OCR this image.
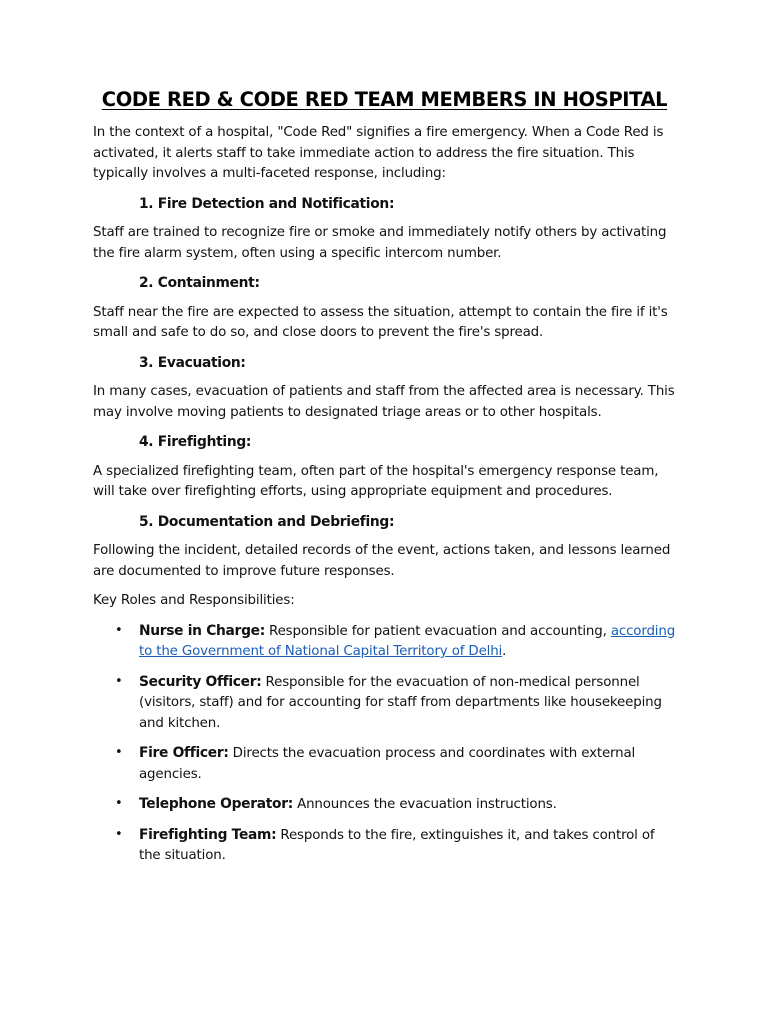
CODE RED & CODE RED TEAM MEMBERS IN HOSPITAL

In the context of a hospital, "Code Red" signifies a fire emergency. When a Code Red is activated, it alerts staff to take immediate action to address the fire situation. This typically involves a multi-faceted response, including:

1. Fire Detection and Notification:

Staff are trained to recognize fire or smoke and immediately notify others by activating the fire alarm system, often using a specific intercom number.

2. Containment:

Staff near the fire are expected to assess the situation, attempt to contain the fire if it's small and safe to do so, and close doors to prevent the fire's spread.

3. Evacuation:

In many cases, evacuation of patients and staff from the affected area is necessary. This may involve moving patients to designated triage areas or to other hospitals.

4. Firefighting:

A specialized firefighting team, often part of the hospital's emergency response team, will take over firefighting efforts, using appropriate equipment and procedures.

5. Documentation and Debriefing:

Following the incident, detailed records of the event, actions taken, and lessons learned are documented to improve future responses.

Key Roles and Responsibilities:

• Nurse in Charge: Responsible for patient evacuation and accounting, according to the Government of National Capital Territory of Delhi.
• Security Officer: Responsible for the evacuation of non-medical personnel (visitors, staff) and for accounting for staff from departments like housekeeping and kitchen.
• Fire Officer: Directs the evacuation process and coordinates with external agencies.
• Telephone Operator: Announces the evacuation instructions.
• Firefighting Team: Responds to the fire, extinguishes it, and takes control of the situation.
